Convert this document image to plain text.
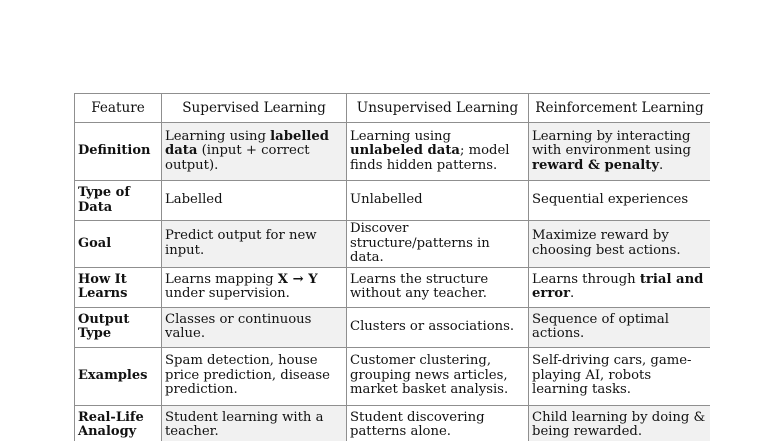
Feature	Supervised Learning	Unsupervised Learning	Reinforcement Learning
Definition	Learning using labelled data (input + correct output).	Learning using unlabeled data; model finds hidden patterns.	Learning by interacting with environment using reward & penalty.
Type of Data	Labelled	Unlabelled	Sequential experiences
Goal	Predict output for new input.	Discover structure/patterns in data.	Maximize reward by choosing best actions.
How It Learns	Learns mapping X → Y under supervision.	Learns the structure without any teacher.	Learns through trial and error.
Output Type	Classes or continuous value.	Clusters or associations.	Sequence of optimal actions.
Examples	Spam detection, house price prediction, disease prediction.	Customer clustering, grouping news articles, market basket analysis.	Self-driving cars, game-playing AI, robots learning tasks.
Real-Life Analogy	Student learning with a teacher.	Student discovering patterns alone.	Child learning by doing & being rewarded.
